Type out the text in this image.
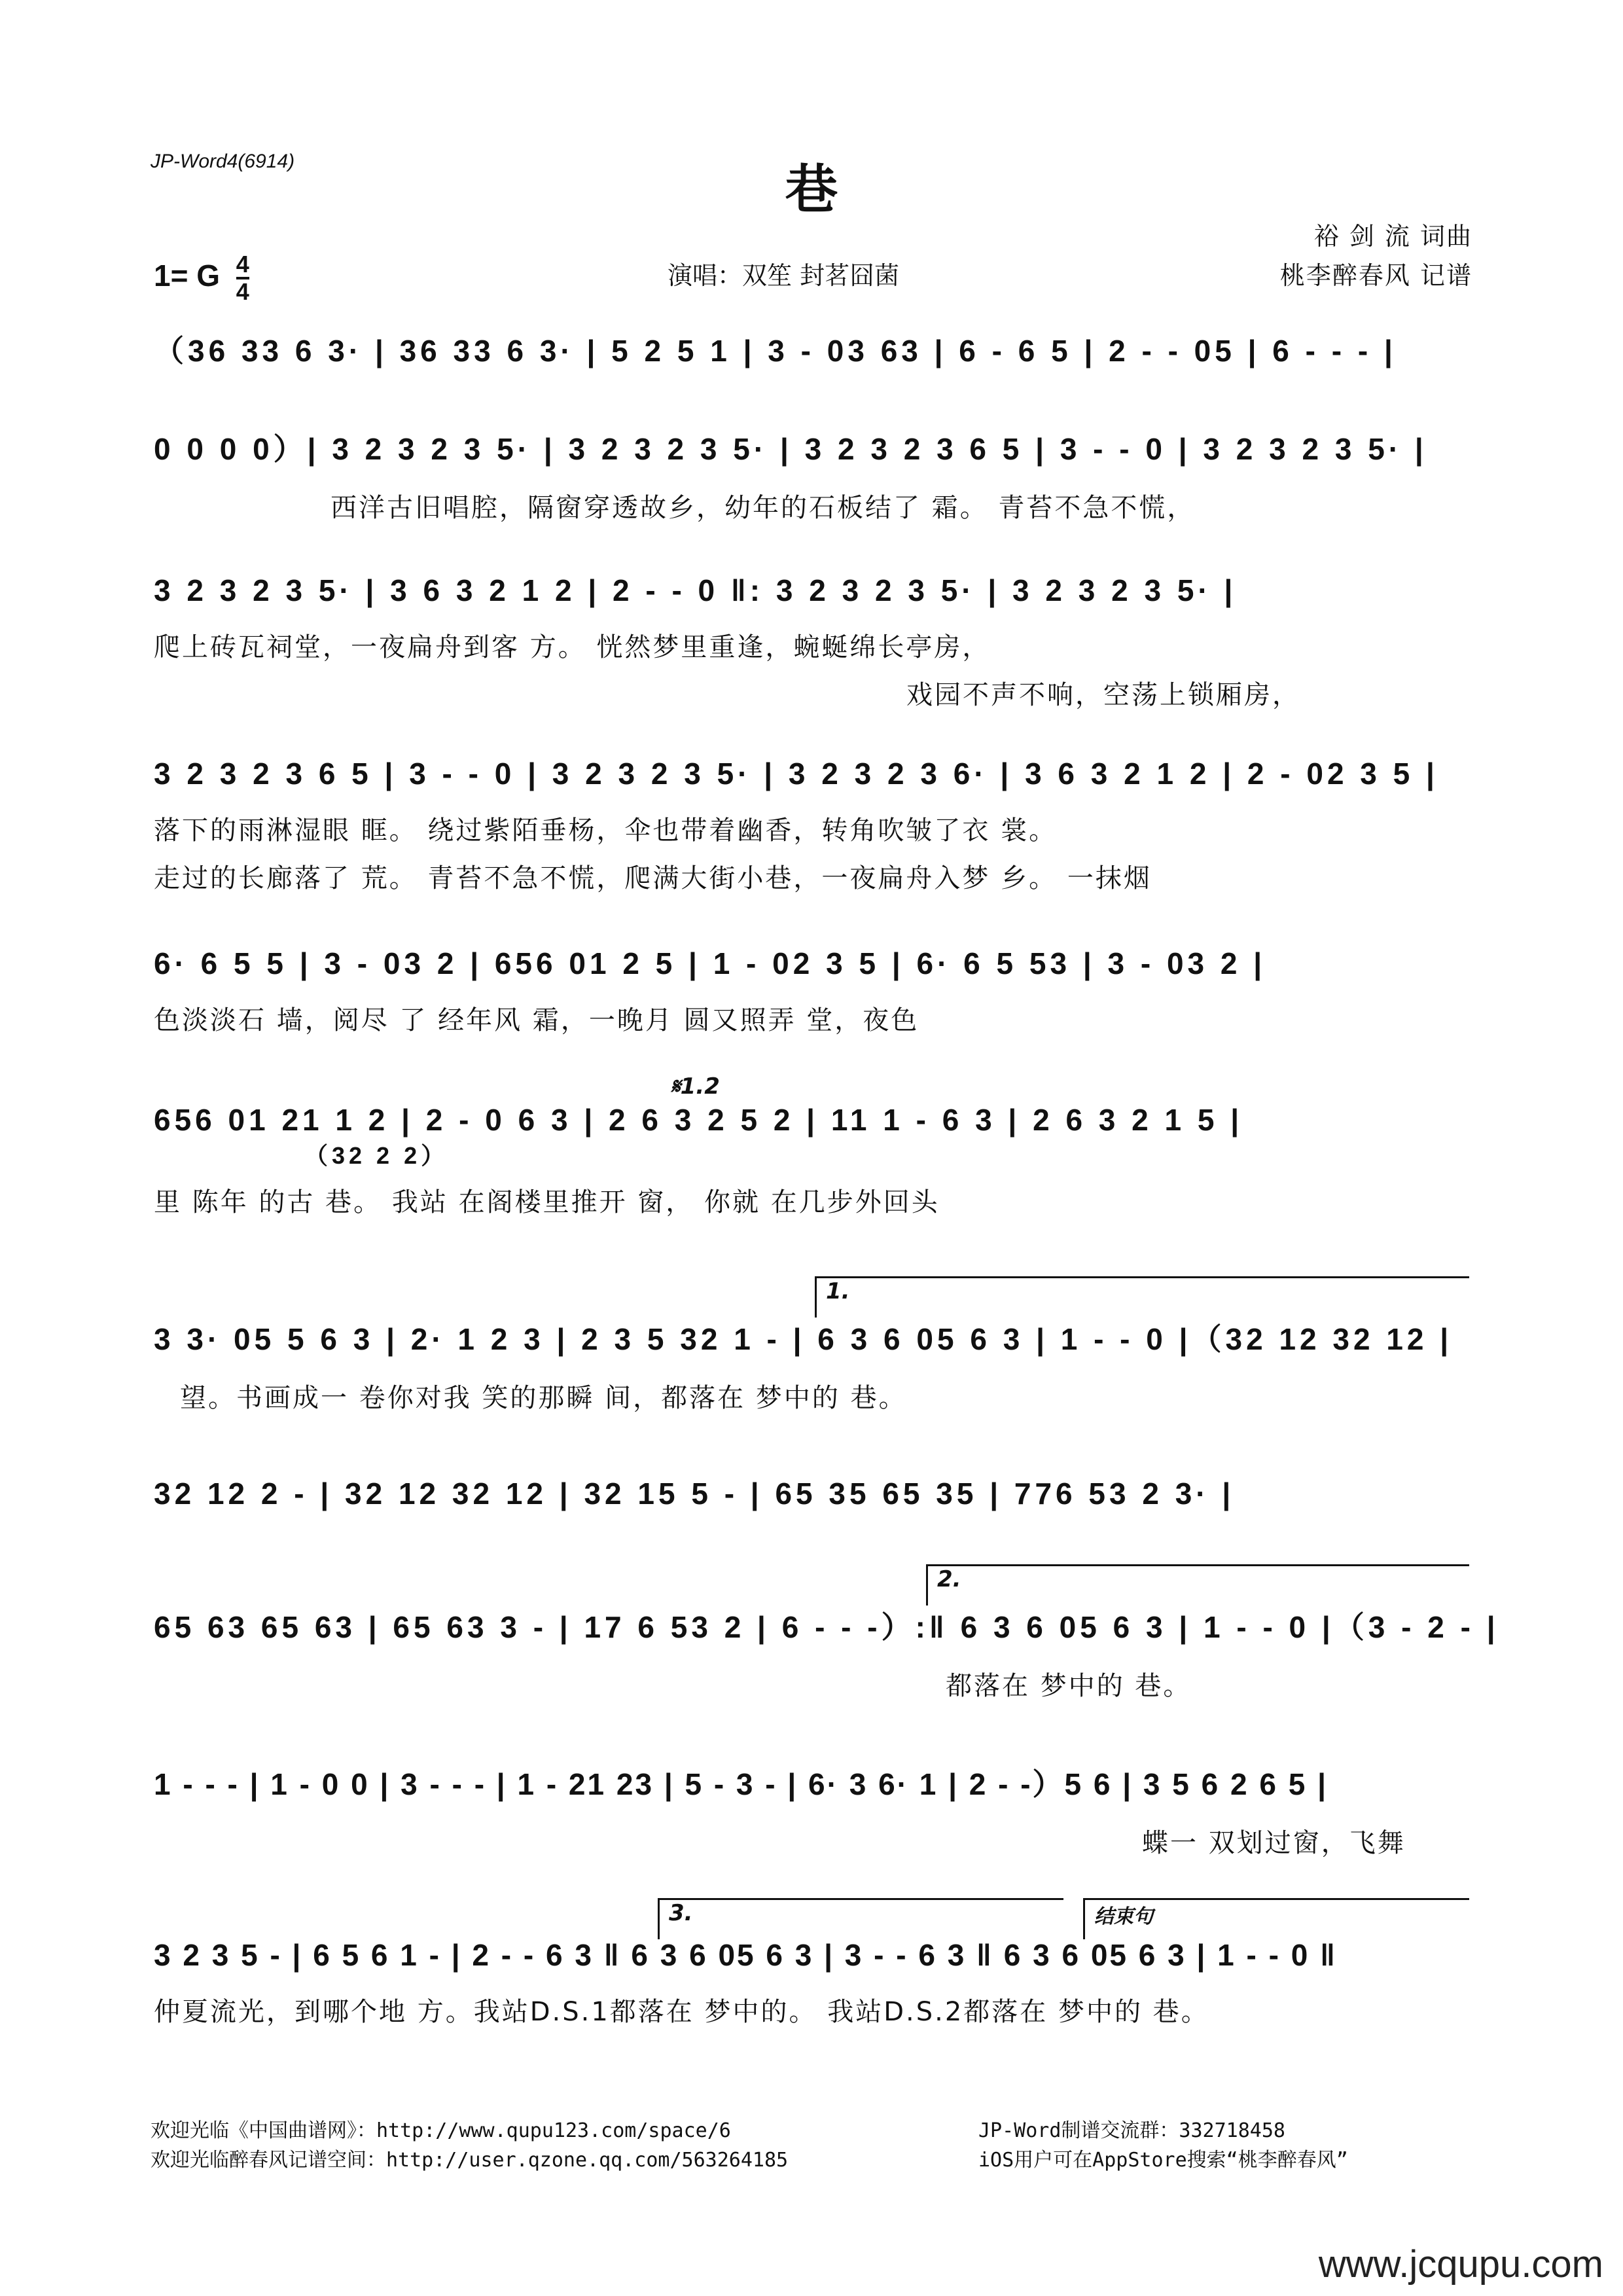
JP-Word4(6914)	巷
裕 剑 流 词曲
桃李醉春风 记谱
1= G $\frac{4}{4}$	演唱：双笙 封茗囧菌
（36 33 6 3· | 36 33 6 3· | 5 2 5 1 | 3 - 03 63 | 6 - 6 5 | 2 - - 05 | 6 - - - |
0 0 0 0）| 3 2 3 2 3 5· | 3 2 3 2 3 5· | 3 2 3 2 3 6 5 | 3 - - 0 | 3 2 3 2 3 5· |
西洋古旧唱腔，隔窗穿透故乡，幼年的石板结了 霜。 青苔不急不慌，
3 2 3 2 3 5· | 3 6 3 2 1 2 | 2 - - 0 ‖: 3 2 3 2 3 5· | 3 2 3 2 3 5· |
爬上砖瓦祠堂，一夜扁舟到客 方。 恍然梦里重逢，蜿蜒绵长亭房，
戏园不声不响，空荡上锁厢房，
3 2 3 2 3 6 5 | 3 - - 0 | 3 2 3 2 3 5· | 3 2 3 2 3 6· | 3 6 3 2 1 2 | 2 - 02 3 5 |
落下的雨淋湿眼 眶。 绕过紫陌垂杨，伞也带着幽香，转角吹皱了衣 裳。
走过的长廊落了 荒。 青苔不急不慌，爬满大街小巷，一夜扁舟入梦 乡。 一抹烟
6· 6 5 5 | 3 - 03 2 | 656 01 2 5 | 1 - 02 3 5 | 6· 6 5 53 | 3 - 03 2 |
色淡淡石 墙，阅尽 了 经年风 霜，一晚月 圆又照弄 堂，夜色
𝄋1.2
656 01 21 1 2 | 2 - 0 6 3 | 2 6 3 2 5 2 | 11 1 - 6 3 | 2 6 3 2 1 5 |
（32 2 2）
里 陈年 的古 巷。 我站 在阁楼里推开 窗， 你就 在几步外回头
1.
3 3· 05 5 6 3 | 2· 1 2 3 | 2 3 5 32 1 - | 6 3 6 05 6 3 | 1 - - 0 |（32 12 32 12 |
望。书画成一 卷你对我 笑的那瞬 间，都落在 梦中的 巷。
32 12 2 - | 32 12 32 12 | 32 15 5 - | 65 35 65 35 | 776 53 2 3· |
2.
65 63 65 63 | 65 63 3 - | 17 6 53 2 | 6 - - -）:‖ 6 3 6 05 6 3 | 1 - - 0 |（3 - 2 - |
都落在 梦中的 巷。
1 - - - | 1 - 0 0 | 3 - - - | 1 - 21 23 | 5 - 3 - | 6· 3 6· 1 | 2 - -）5 6 | 3 5 6 2 6 5 |
蝶一 双划过窗，飞舞
3.	结束句
3 2 3 5 - | 6 5 6 1 - | 2 - - 6 3 ‖ 6 3 6 05 6 3 | 3 - - 6 3 ‖ 6 3 6 05 6 3 | 1 - - 0 ‖
仲夏流光，到哪个地 方。我站D.S.1都落在 梦中的。 我站D.S.2都落在 梦中的 巷。
欢迎光临《中国曲谱网》：http://www.qupu123.com/space/6	JP-Word制谱交流群：332718458
欢迎光临醉春风记谱空间：http://user.qzone.qq.com/563264185	iOS用户可在AppStore搜索“桃李醉春风”
www.jcqupu.com
